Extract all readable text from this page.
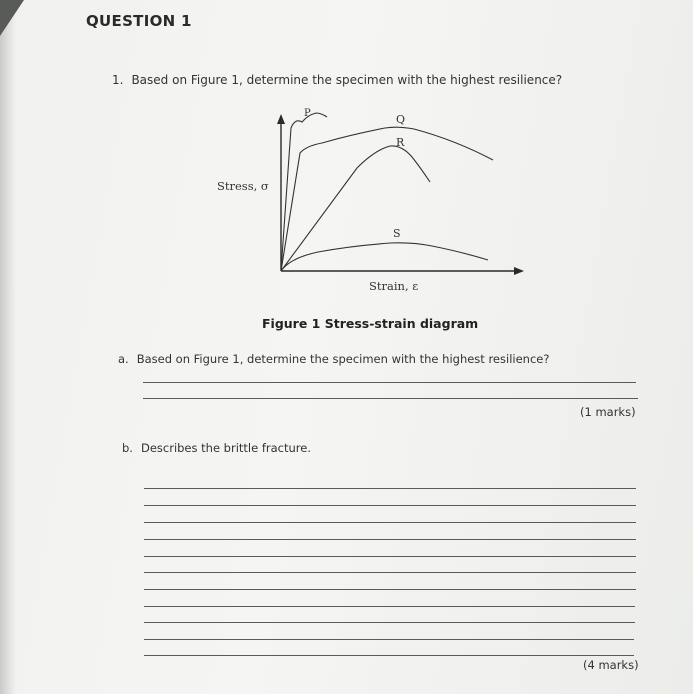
QUESTION 1
1. Based on Figure 1, determine the specimen with the highest resilience?
P	Q
R
S
Stress, σ
Strain, ε
Figure 1 Stress-strain diagram
a. Based on Figure 1, determine the specimen with the highest resilience?
(1 marks)
b. Describes the brittle fracture.
(4 marks)
